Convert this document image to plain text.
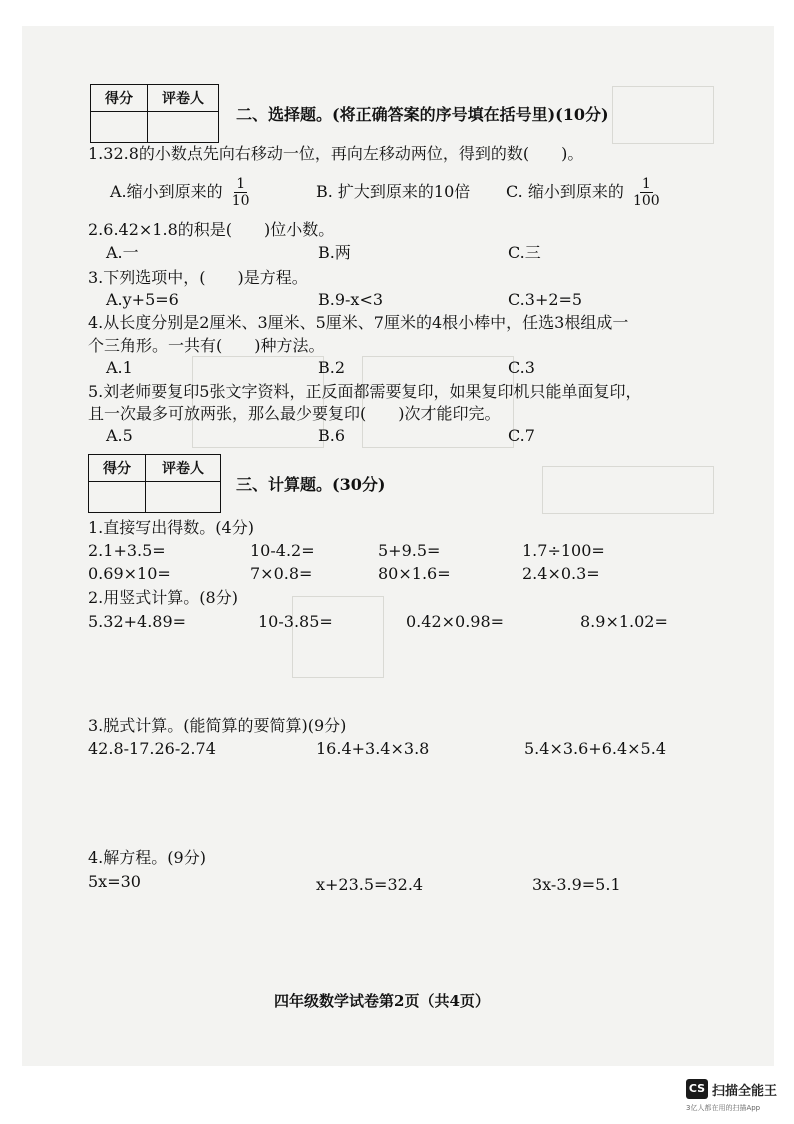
得分	评卷人

二、选择题。(将正确答案的序号填在括号里)(10分)
1.32.8的小数点先向右移动一位，再向左移动两位，得到的数(　　)。
A.缩小到原来的 $\frac{1}{10}$	B. 扩大到原来的10倍 C. 缩小到原来的 $\frac{1}{100}$
2.6.42×1.8的积是(　　)位小数。
A.一	B.两	C.三
3.下列选项中，(　　)是方程。
A.y+5=6	B.9-x<3	C.3+2=5
4.从长度分别是2厘米、3厘米、5厘米、7厘米的4根小棒中，任选3根组成一
个三角形。一共有(　　)种方法。
A.1	B.2	C.3
5.刘老师要复印5张文字资料，正反面都需要复印，如果复印机只能单面复印，
且一次最多可放两张，那么最少要复印(　　)次才能印完。
A.5	B.6	C.7
得分	评卷人

三、计算题。(30分)
1.直接写出得数。(4分)
2.1+3.5=	10-4.2=	5+9.5=	1.7÷100=
0.69×10=	7×0.8=	80×1.6=	2.4×0.3=
2.用竖式计算。(8分)
5.32+4.89=	10-3.85=	0.42×0.98=	8.9×1.02=
3.脱式计算。(能简算的要简算)(9分)
42.8-17.26-2.74	16.4+3.4×3.8	5.4×3.6+6.4×5.4
4.解方程。(9分)
5x=30	x+23.5=32.4	3x-3.9=5.1
四年级数学试卷第2页（共4页）
CS 扫描全能王
3亿人都在用的扫描App
